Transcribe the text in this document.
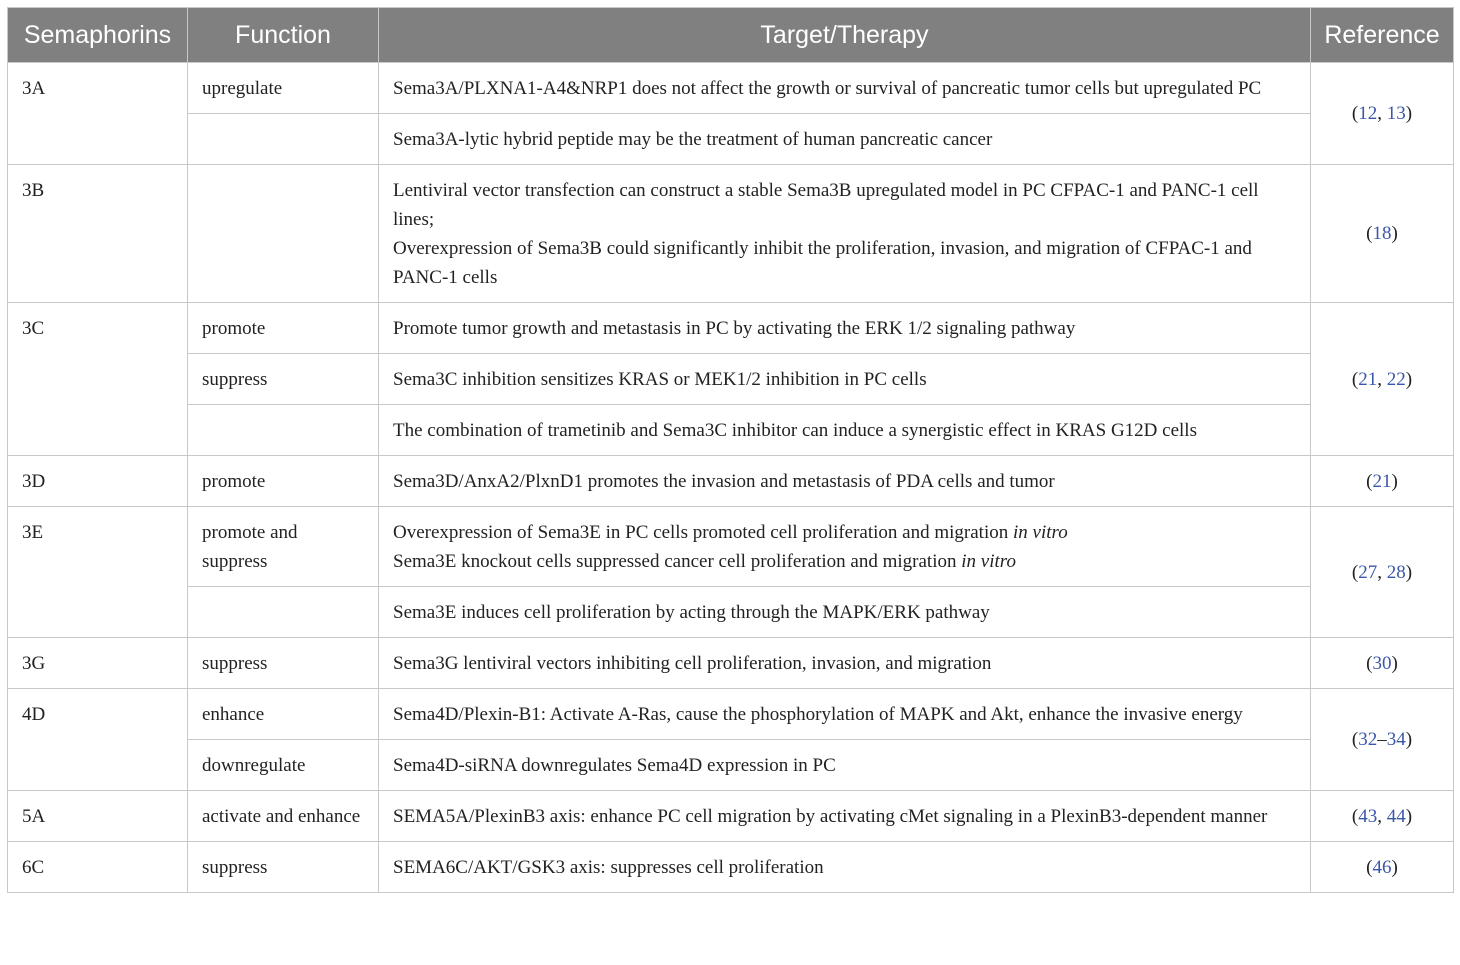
Semaphorins	Function	Target/Therapy	Reference
3A	upregulate	Sema3A/PLXNA1-A4&NRP1 does not affect the growth or survival of pancreatic tumor cells but upregulated PC	(12, 13)

		Sema3A-lytic hybrid peptide may be the treatment of human pancreatic cancer	

3B		Lentiviral vector transfection can construct a stable Sema3B upregulated model in PC CFPAC-1 and PANC-1 cell lines;
Overexpression of Sema3B could significantly inhibit the proliferation, invasion, and migration of CFPAC-1 and PANC-1 cells	(18)
3C	promote	Promote tumor growth and metastasis in PC by activating the ERK 1/2 signaling pathway	(21, 22)
	suppress	Sema3C inhibition sensitizes KRAS or MEK1/2 inhibition in PC cells	

		The combination of trametinib and Sema3C inhibitor can induce a synergistic effect in KRAS G12D cells	

3D	promote	Sema3D/AnxA2/PlxnD1 promotes the invasion and metastasis of PDA cells and tumor	(21)
3E	promote and suppress	Overexpression of Sema3E in PC cells promoted cell proliferation and migration in vitro
Sema3E knockout cells suppressed cancer cell proliferation and migration in vitro	(27, 28)

		Sema3E induces cell proliferation by acting through the MAPK/ERK pathway	

3G	suppress	Sema3G lentiviral vectors inhibiting cell proliferation, invasion, and migration	(30)
4D	enhance	Sema4D/Plexin-B1: Activate A-Ras, cause the phosphorylation of MAPK and Akt, enhance the invasive energy	(32–34)
	downregulate	Sema4D-siRNA downregulates Sema4D expression in PC	

5A	activate and enhance	SEMA5A/PlexinB3 axis: enhance PC cell migration by activating cMet signaling in a PlexinB3-dependent manner	(43, 44)
6C	suppress	SEMA6C/AKT/GSK3 axis: suppresses cell proliferation	(46)
